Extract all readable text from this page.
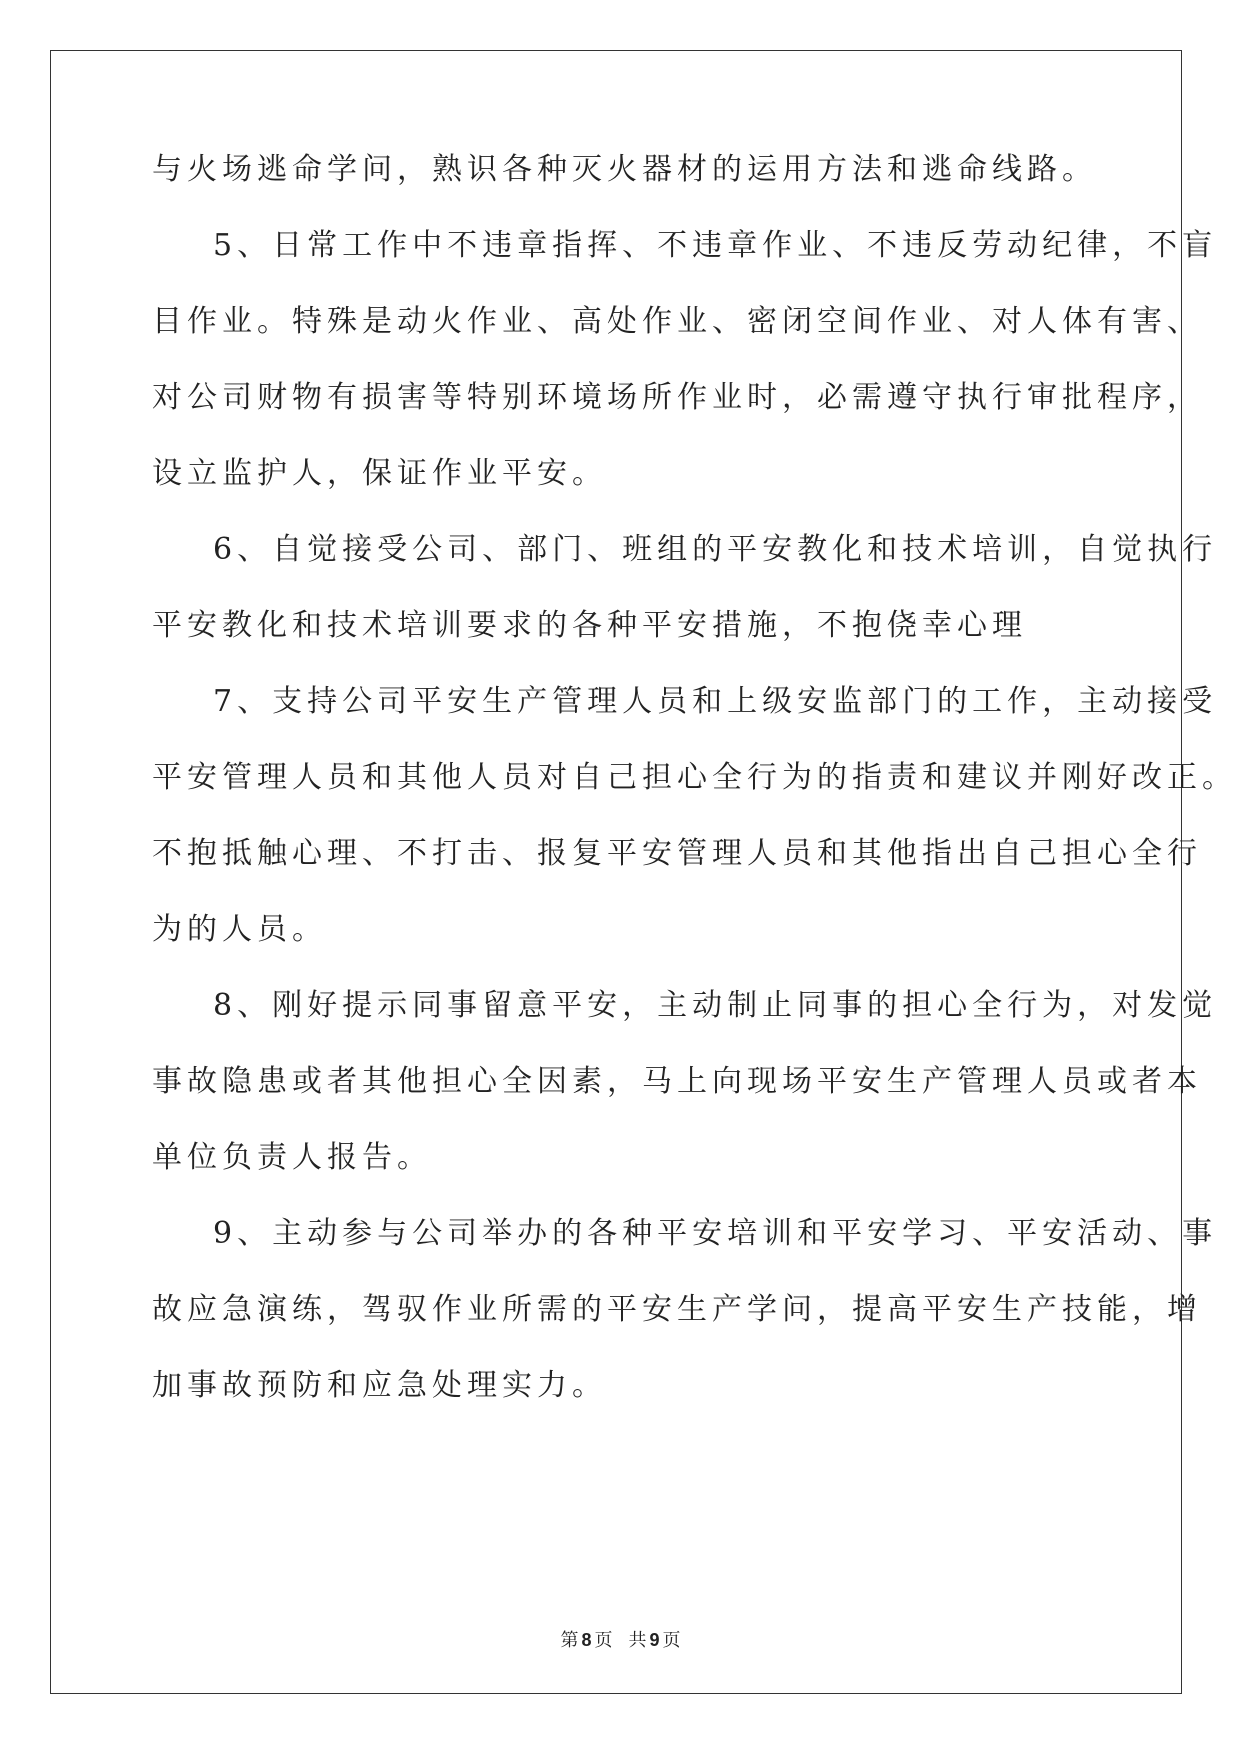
与火场逃命学问，熟识各种灭火器材的运用方法和逃命线路。
5、日常工作中不违章指挥、不违章作业、不违反劳动纪律，不盲
目作业。特殊是动火作业、高处作业、密闭空间作业、对人体有害、
对公司财物有损害等特别环境场所作业时，必需遵守执行审批程序，
设立监护人，保证作业平安。
6、自觉接受公司、部门、班组的平安教化和技术培训，自觉执行
平安教化和技术培训要求的各种平安措施，不抱侥幸心理
7、支持公司平安生产管理人员和上级安监部门的工作，主动接受
平安管理人员和其他人员对自己担心全行为的指责和建议并刚好改正。
不抱抵触心理、不打击、报复平安管理人员和其他指出自己担心全行
为的人员。
8、刚好提示同事留意平安，主动制止同事的担心全行为，对发觉
事故隐患或者其他担心全因素，马上向现场平安生产管理人员或者本
单位负责人报告。
9、主动参与公司举办的各种平安培训和平安学习、平安活动、事
故应急演练，驾驭作业所需的平安生产学问，提高平安生产技能，增
加事故预防和应急处理实力。
第 8 页 共 9 页
